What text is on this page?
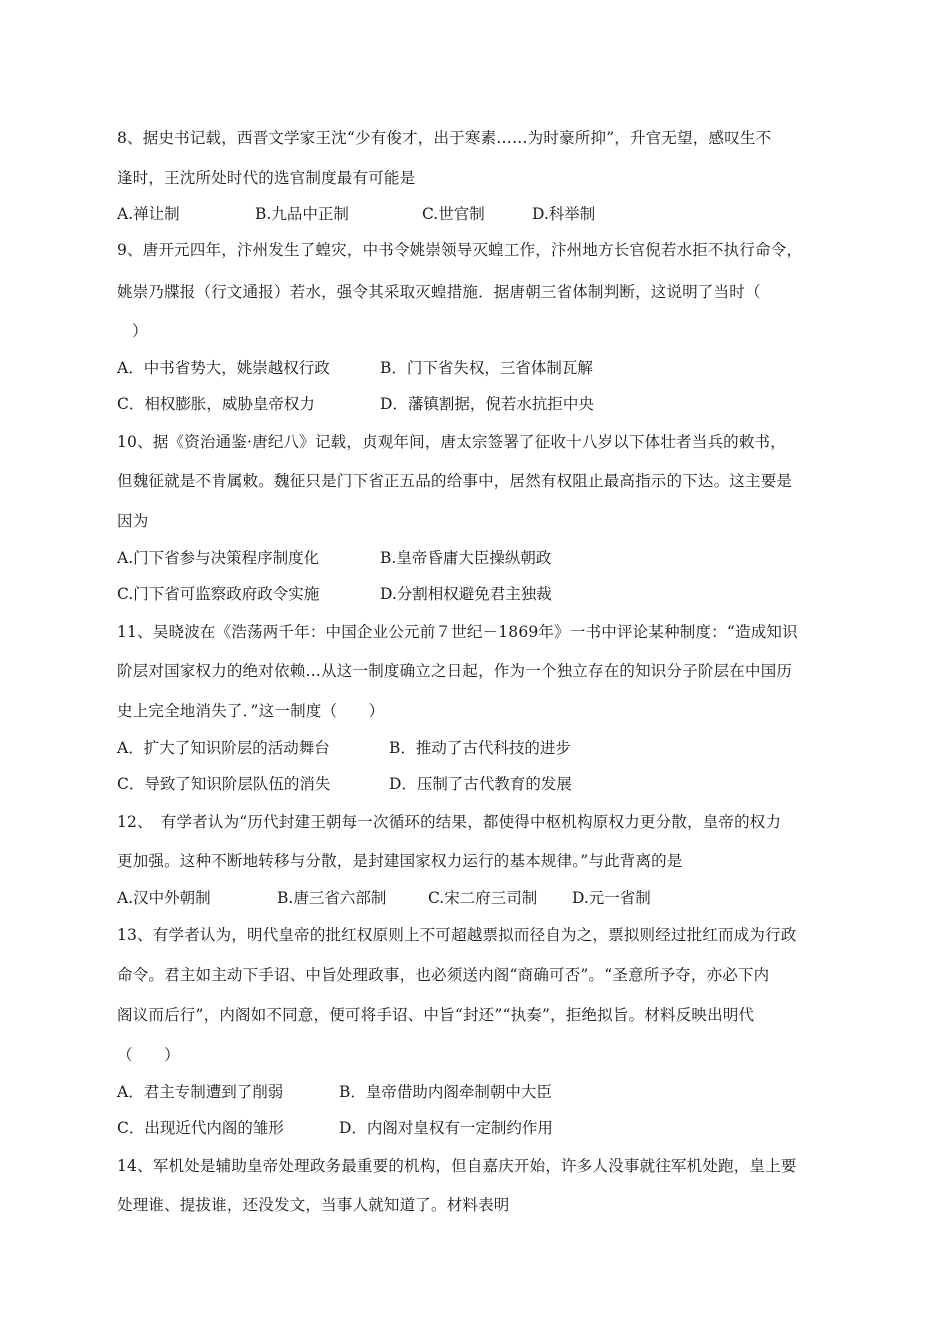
8、据史书记载，西晋文学家王沈“少有俊才，出于寒素……为时豪所抑”，升官无望，感叹生不
逢时，王沈所处时代的选官制度最有可能是
A.禅让制	B.九品中正制	C.世官制	D.科举制
9、唐开元四年，汴州发生了蝗灾，中书令姚崇领导灭蝗工作，汴州地方长官倪若水拒不执行命令，
姚崇乃牒报（行文通报）若水，强令其采取灭蝗措施．据唐朝三省体制判断，这说明了当时（
）
A．中书省势大，姚崇越权行政	B．门下省失权，三省体制瓦解
C．相权膨胀，威胁皇帝权力	D．藩镇割据，倪若水抗拒中央
10、据《资治通鉴·唐纪八》记载，贞观年间，唐太宗签署了征收十八岁以下体壮者当兵的敕书，
但魏征就是不肯属敕。魏征只是门下省正五品的给事中，居然有权阻止最高指示的下达。这主要是
因为
A.门下省参与决策程序制度化	B.皇帝昏庸大臣操纵朝政
C.门下省可监察政府政令实施	D.分割相权避免君主独裁
11、吴晓波在《浩荡两千年：中国企业公元前７世纪－1869年》一书中评论某种制度：“造成知识
阶层对国家权力的绝对依赖…从这一制度确立之日起，作为一个独立存在的知识分子阶层在中国历
史上完全地消失了．”这一制度（　　）
A．扩大了知识阶层的活动舞台	B．推动了古代科技的进步
C．导致了知识阶层队伍的消失	D．压制了古代教育的发展
12、　有学者认为“历代封建王朝每一次循环的结果，都使得中枢机构原权力更分散，皇帝的权力
更加强。这种不断地转移与分散，是封建国家权力运行的基本规律。”与此背离的是
A.汉中外朝制	B.唐三省六部制	C.宋二府三司制 D.元一省制
13、有学者认为，明代皇帝的批红权原则上不可超越票拟而径自为之，票拟则经过批红而成为行政
命令。君主如主动下手诏、中旨处理政事，也必须送内阁“商确可否”。“圣意所予夺，亦必下内
阁议而后行”，内阁如不同意，便可将手诏、中旨“封还”“执奏”，拒绝拟旨。材料反映出明代
（　　）
A．君主专制遭到了削弱	B．皇帝借助内阁牵制朝中大臣
C．出现近代内阁的雏形	D．内阁对皇权有一定制约作用
14、军机处是辅助皇帝处理政务最重要的机构，但自嘉庆开始，许多人没事就往军机处跑，皇上要
处理谁、提拔谁，还没发文，当事人就知道了。材料表明
